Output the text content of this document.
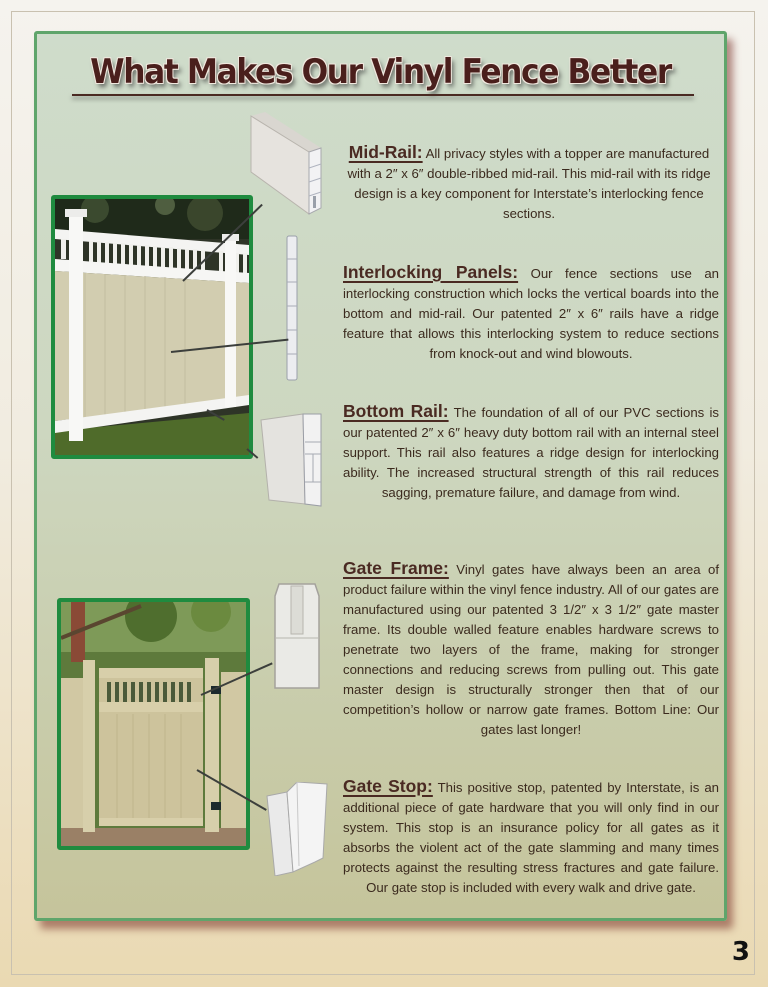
What Makes Our Vinyl Fence Better
Mid-Rail: All privacy styles with a topper are manufactured with a 2″ x 6″ double-ribbed mid-rail. This mid-rail with its ridge design is a key component for Interstate’s interlocking fence sections.
Interlocking Panels: Our fence sections use an interlocking construction which locks the vertical boards into the bottom and mid-rail. Our patented 2″ x 6″ rails have a ridge feature that allows this interlocking system to reduce sections from knock-out and wind blowouts.
Bottom Rail: The foundation of all of our PVC sections is our patented 2″ x 6″ heavy duty bottom rail with an internal steel support. This rail also features a ridge design for interlocking ability. The increased structural strength of this rail reduces sagging, premature failure, and damage from wind.
Gate Frame: Vinyl gates have always been an area of product failure within the vinyl fence industry. All of our gates are manufactured using our patented 3 1/2″ x 3 1/2″ gate master frame. Its double walled feature enables hardware screws to penetrate two layers of the frame, making for stronger connections and reducing screws from pulling out. This gate master design is structurally stronger then that of our competition’s hollow or narrow gate frames. Bottom Line: Our gates last longer!
Gate Stop: This positive stop, patented by Interstate, is an additional piece of gate hardware that you will only find in our system. This stop is an insurance policy for all gates as it absorbs the violent act of the gate slamming and many times protects against the resulting stress fractures and gate failure. Our gate stop is included with every walk and drive gate.
3
